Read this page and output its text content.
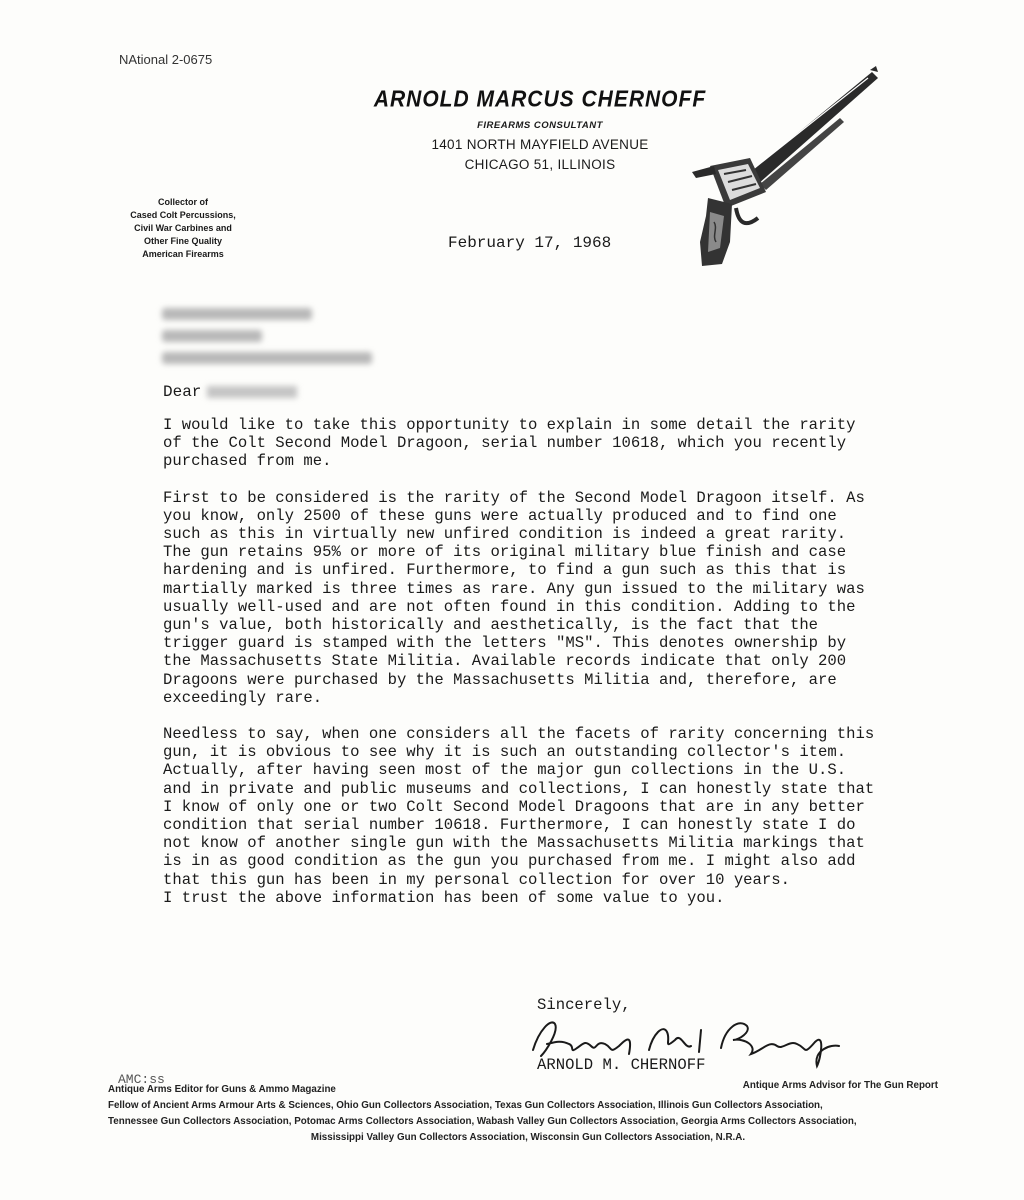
NAtional 2-0675
ARNOLD MARCUS CHERNOFF
FIREARMS CONSULTANT
1401 NORTH MAYFIELD AVENUE
CHICAGO 51, ILLINOIS
Collector of
Cased Colt Percussions,
Civil War Carbines and
Other Fine Quality
American Firearms
February 17, 1968
Dear

I would like to take this opportunity to explain in some detail the rarity of the Colt Second Model Dragoon, serial number 10618, which you recently purchased from me.

First to be considered is the rarity of the Second Model Dragoon itself. As you know, only 2500 of these guns were actually produced and to find one such as this in virtually new unfired condition is indeed a great rarity. The gun retains 95% or more of its original military blue finish and case hardening and is unfired. Furthermore, to find a gun such as this that is martially marked is three times as rare. Any gun issued to the military was usually well-used and are not often found in this condition. Adding to the gun's value, both historically and aesthetically, is the fact that the trigger guard is stamped with the letters "MS". This denotes ownership by the Massachusetts State Militia. Available records indicate that only 200 Dragoons were purchased by the Massachusetts Militia and, therefore, are exceedingly rare.

Needless to say, when one considers all the facets of rarity concerning this gun, it is obvious to see why it is such an outstanding collector's item. Actually, after having seen most of the major gun collections in the U.S. and in private and public museums and collections, I can honestly state that I know of only one or two Colt Second Model Dragoons that are in any better condition that serial number 10618. Furthermore, I can honestly state I do not know of another single gun with the Massachusetts Militia markings that is in as good condition as the gun you purchased from me. I might also add that this gun has been in my personal collection for over 10 years.

I trust the above information has been of some value to you.

Sincerely,
ARNOLD M. CHERNOFF
AMC:ss	Antique Arms Advisor for The Gun Report
Antique Arms Editor for Guns & Ammo Magazine
Fellow of Ancient Arms Armour Arts & Sciences, Ohio Gun Collectors Association, Texas Gun Collectors Association, Illinois Gun Collectors Association,
Tennessee Gun Collectors Association, Potomac Arms Collectors Association, Wabash Valley Gun Collectors Association, Georgia Arms Collectors Association,
Mississippi Valley Gun Collectors Association, Wisconsin Gun Collectors Association, N.R.A.
